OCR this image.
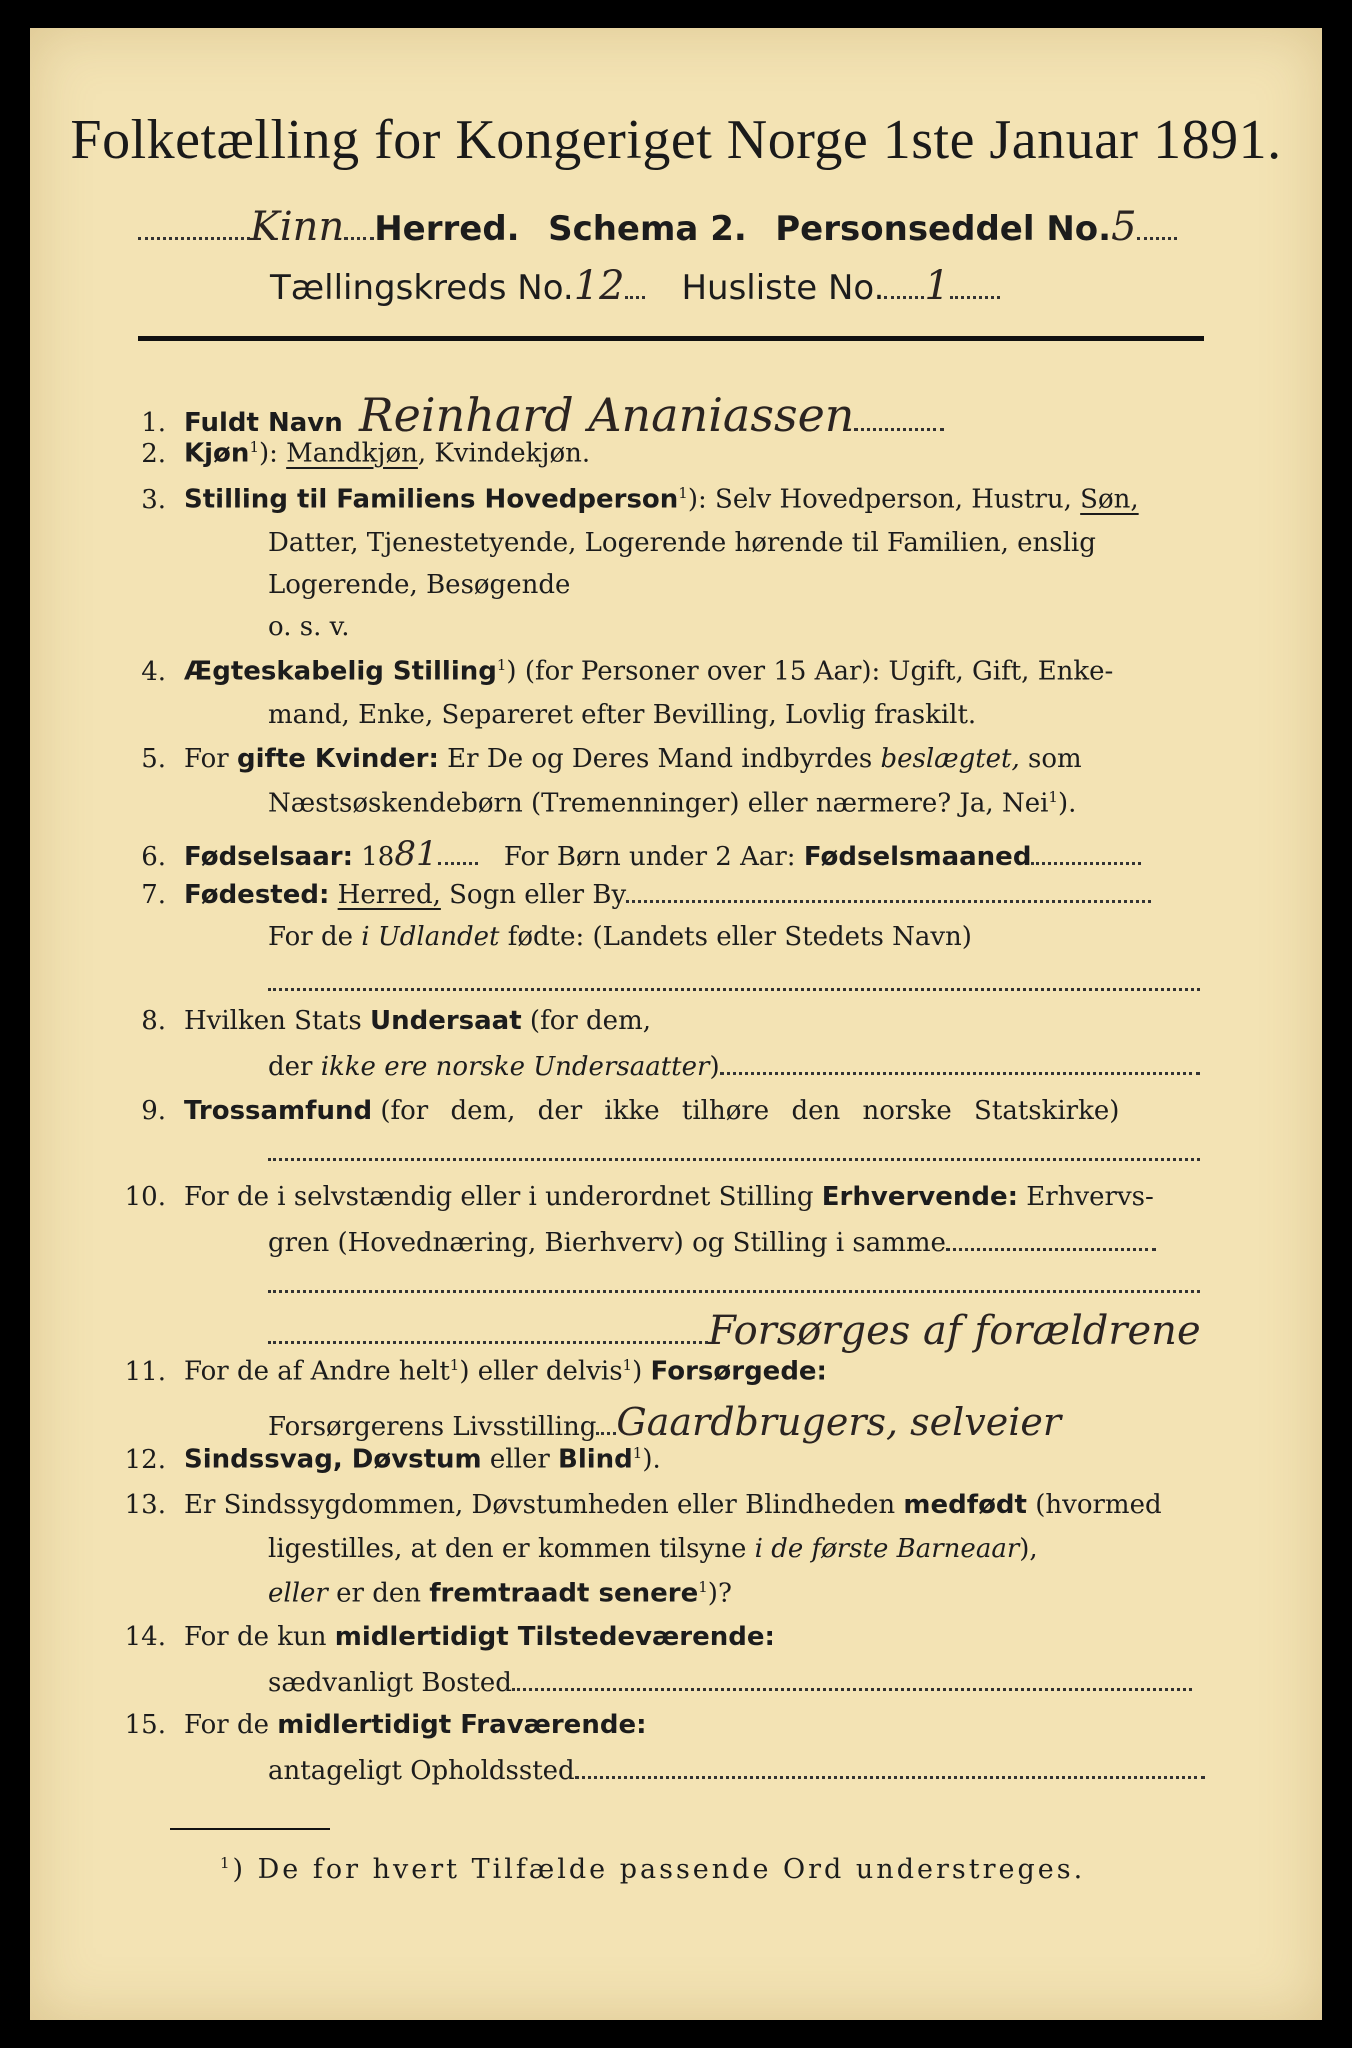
Folketælling for Kongeriget Norge 1ste Januar 1891.
Kinn Herred. Schema 2. Personseddel No.5
Tællingskreds No.12 Husliste No. 1
1. Fuldt Navn Reinhard Ananiassen
2. Kjøn$^1$): Mandkjøn, Kvindekjøn.
3. Stilling til Familiens Hovedperson$^1$): Selv Hovedperson, Hustru, Søn,
Datter, Tjenestetyende, Logerende hørende til Familien, enslig
Logerende, Besøgende
o. s. v.
4. Ægteskabelig Stilling$^1$) (for Personer over 15 Aar): Ugift, Gift, Enke-
mand, Enke, Separeret efter Bevilling, Lovlig fraskilt.
5. For gifte Kvinder: Er De og Deres Mand indbyrdes beslægtet, som
Næstsøskendebørn (Tremenninger) eller nærmere? Ja, Nei$^1$).
6. Fødselsaar: 1881	For Børn under 2 Aar: Fødselsmaaned
7. Fødested: Herred, Sogn eller By
For de i Udlandet fødte: (Landets eller Stedets Navn)
8. Hvilken Stats Undersaat (for dem,
der ikke ere norske Undersaatter)
9. Trossamfund (for dem, der ikke tilhøre den norske Statskirke)
10. For de i selvstændig eller i underordnet Stilling Erhvervende: Erhvervs-
gren (Hovednæring, Bierhverv) og Stilling i samme
Forsørges af forældrene
11. For de af Andre helt$^1$) eller delvis$^1$) Forsørgede:
Forsørgerens Livsstilling Gaardbrugers, selveier
12. Sindssvag, Døvstum eller Blind$^1$).
13. Er Sindssygdommen, Døvstumheden eller Blindheden medfødt (hvormed
ligestilles, at den er kommen tilsyne i de første Barneaar),
eller er den fremtraadt senere$^1$)?
14. For de kun midlertidigt Tilstedeværende:
sædvanligt Bosted
15. For de midlertidigt Fraværende:
antageligt Opholdssted
$^1$) De for hvert Tilfælde passende Ord understreges.
